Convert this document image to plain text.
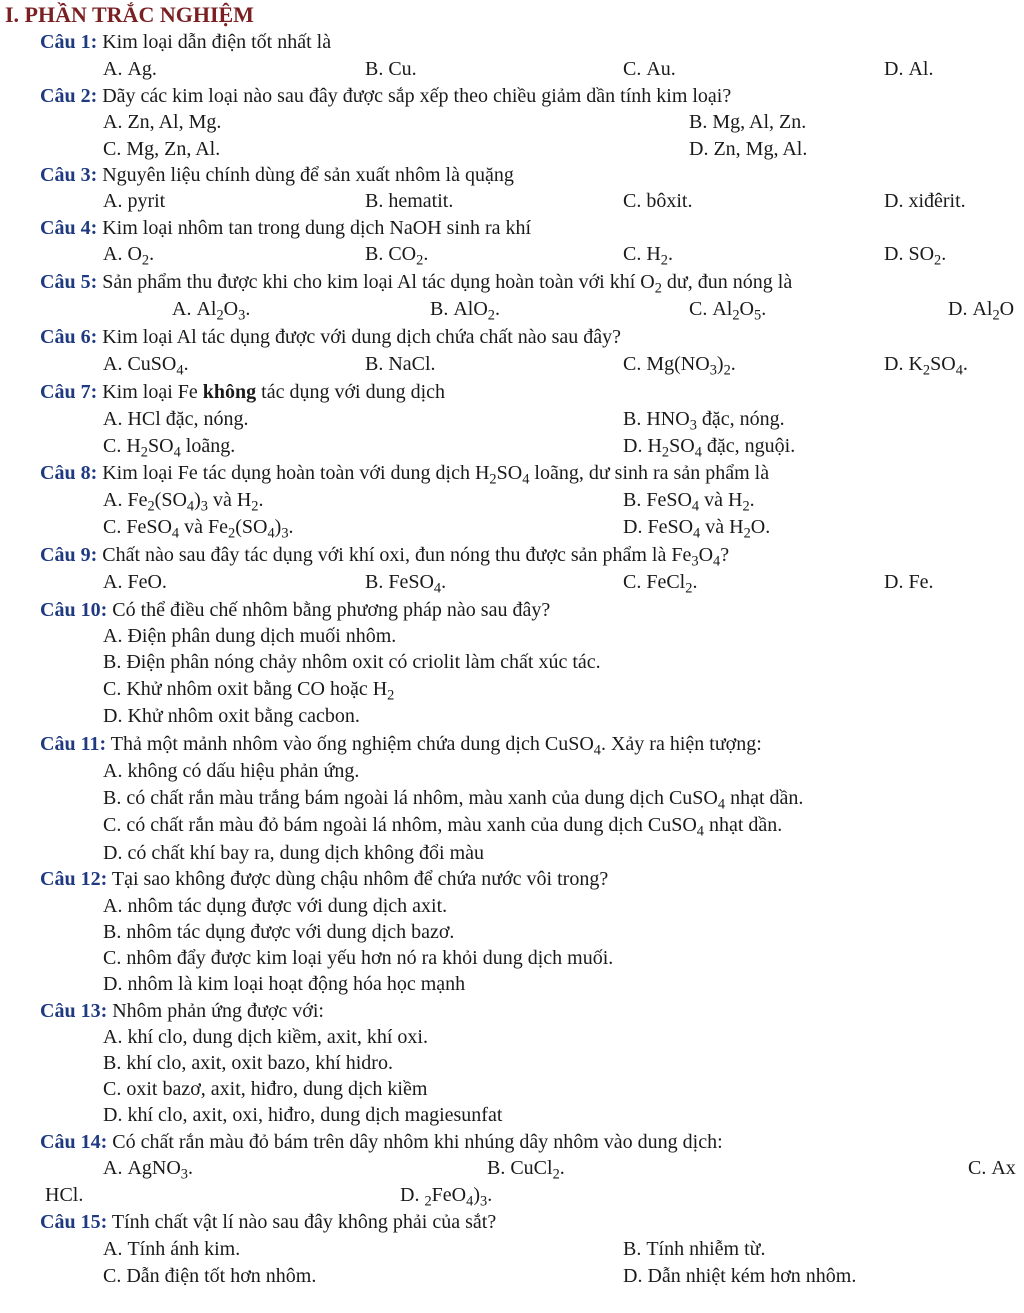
I. PHẦN TRẮC NGHIỆM
Câu 1: Kim loại dẫn điện tốt nhất là
A. Ag.	B. Cu.	C. Au.	D. Al.
Câu 2: Dãy các kim loại nào sau đây được sắp xếp theo chiều giảm dần tính kim loại?
A. Zn, Al, Mg.	B. Mg, Al, Zn.
C. Mg, Zn, Al.	D. Zn, Mg, Al.
Câu 3: Nguyên liệu chính dùng để sản xuất nhôm là quặng
A. pyrit	B. hematit.	C. bôxit.	D. xiđêrit.
Câu 4: Kim loại nhôm tan trong dung dịch NaOH sinh ra khí
A. $O_2$.	B. $CO_2$.	C. $H_2$.	D. $SO_2$.
Câu 5: Sản phẩm thu được khi cho kim loại Al tác dụng hoàn toàn với khí $O_2$ dư, đun nóng là
A. $Al_2O_3$.	B. AlO$_2$.	C. $Al_2O_5$.	D. $Al_2O$
Câu 6: Kim loại Al tác dụng được với dung dịch chứa chất nào sau đây?
A. CuSO$_4$.	B. NaCl.	C. $Mg(NO_3)_2$.	D. $K_2SO_4$.
Câu 7: Kim loại Fe không tác dụng với dung dịch
A. HCl đặc, nóng.	B. $HNO_3$ đặc, nóng.
C. $H_2SO_4$ loãng.	D. $H_2SO_4$ đặc, nguội.
Câu 8: Kim loại Fe tác dụng hoàn toàn với dung dịch $H_2SO_4$ loãng, dư sinh ra sản phẩm là
A. $Fe_2(SO_4)_3$ và $H_2$.	B. FeSO$_4$ và $H_2$.
C. FeSO$_4$ và $Fe_2(SO_4)_3$.	D. FeSO$_4$ và $H_2O$.
Câu 9: Chất nào sau đây tác dụng với khí oxi, đun nóng thu được sản phẩm là $Fe_3O_4$?
A. FeO.	B. FeSO$_4$.	C. FeCl$_2$.	D. Fe.
Câu 10: Có thể điều chế nhôm bằng phương pháp nào sau đây?
A. Điện phân dung dịch muối nhôm.
B. Điện phân nóng chảy nhôm oxit có criolit làm chất xúc tác.
C. Khử nhôm oxit bằng CO hoặc $H_2$
D. Khử nhôm oxit bằng cacbon.
Câu 11: Thả một mảnh nhôm vào ống nghiệm chứa dung dịch CuSO$_4$. Xảy ra hiện tượng:
A. không có dấu hiệu phản ứng.
B. có chất rắn màu trắng bám ngoài lá nhôm, màu xanh của dung dịch CuSO$_4$ nhạt dần.
C. có chất rắn màu đỏ bám ngoài lá nhôm, màu xanh của dung dịch CuSO$_4$ nhạt dần.
D. có chất khí bay ra, dung dịch không đổi màu
Câu 12: Tại sao không được dùng chậu nhôm để chứa nước vôi trong?
A. nhôm tác dụng được với dung dịch axit.
B. nhôm tác dụng được với dung dịch bazơ.
C. nhôm đẩy được kim loại yếu hơn nó ra khỏi dung dịch muối.
D. nhôm là kim loại hoạt động hóa học mạnh
Câu 13: Nhôm phản ứng được với:
A. khí clo, dung dịch kiềm, axit, khí oxi.
B. khí clo, axit, oxit bazo, khí hidro.
C. oxit bazơ, axit, hiđro, dung dịch kiềm
D. khí clo, axit, oxi, hiđro, dung dịch magiesunfat
Câu 14: Có chất rắn màu đỏ bám trên dây nhôm khi nhúng dây nhôm vào dung dịch:
A. AgNO$_3$.	B. CuCl$_2$.	C. Ax
HCl.	D. $_2FeO_4)_3$.
Câu 15: Tính chất vật lí nào sau đây không phải của sắt?
A. Tính ánh kim.	B. Tính nhiễm từ.
C. Dẫn điện tốt hơn nhôm.	D. Dẫn nhiệt kém hơn nhôm.
